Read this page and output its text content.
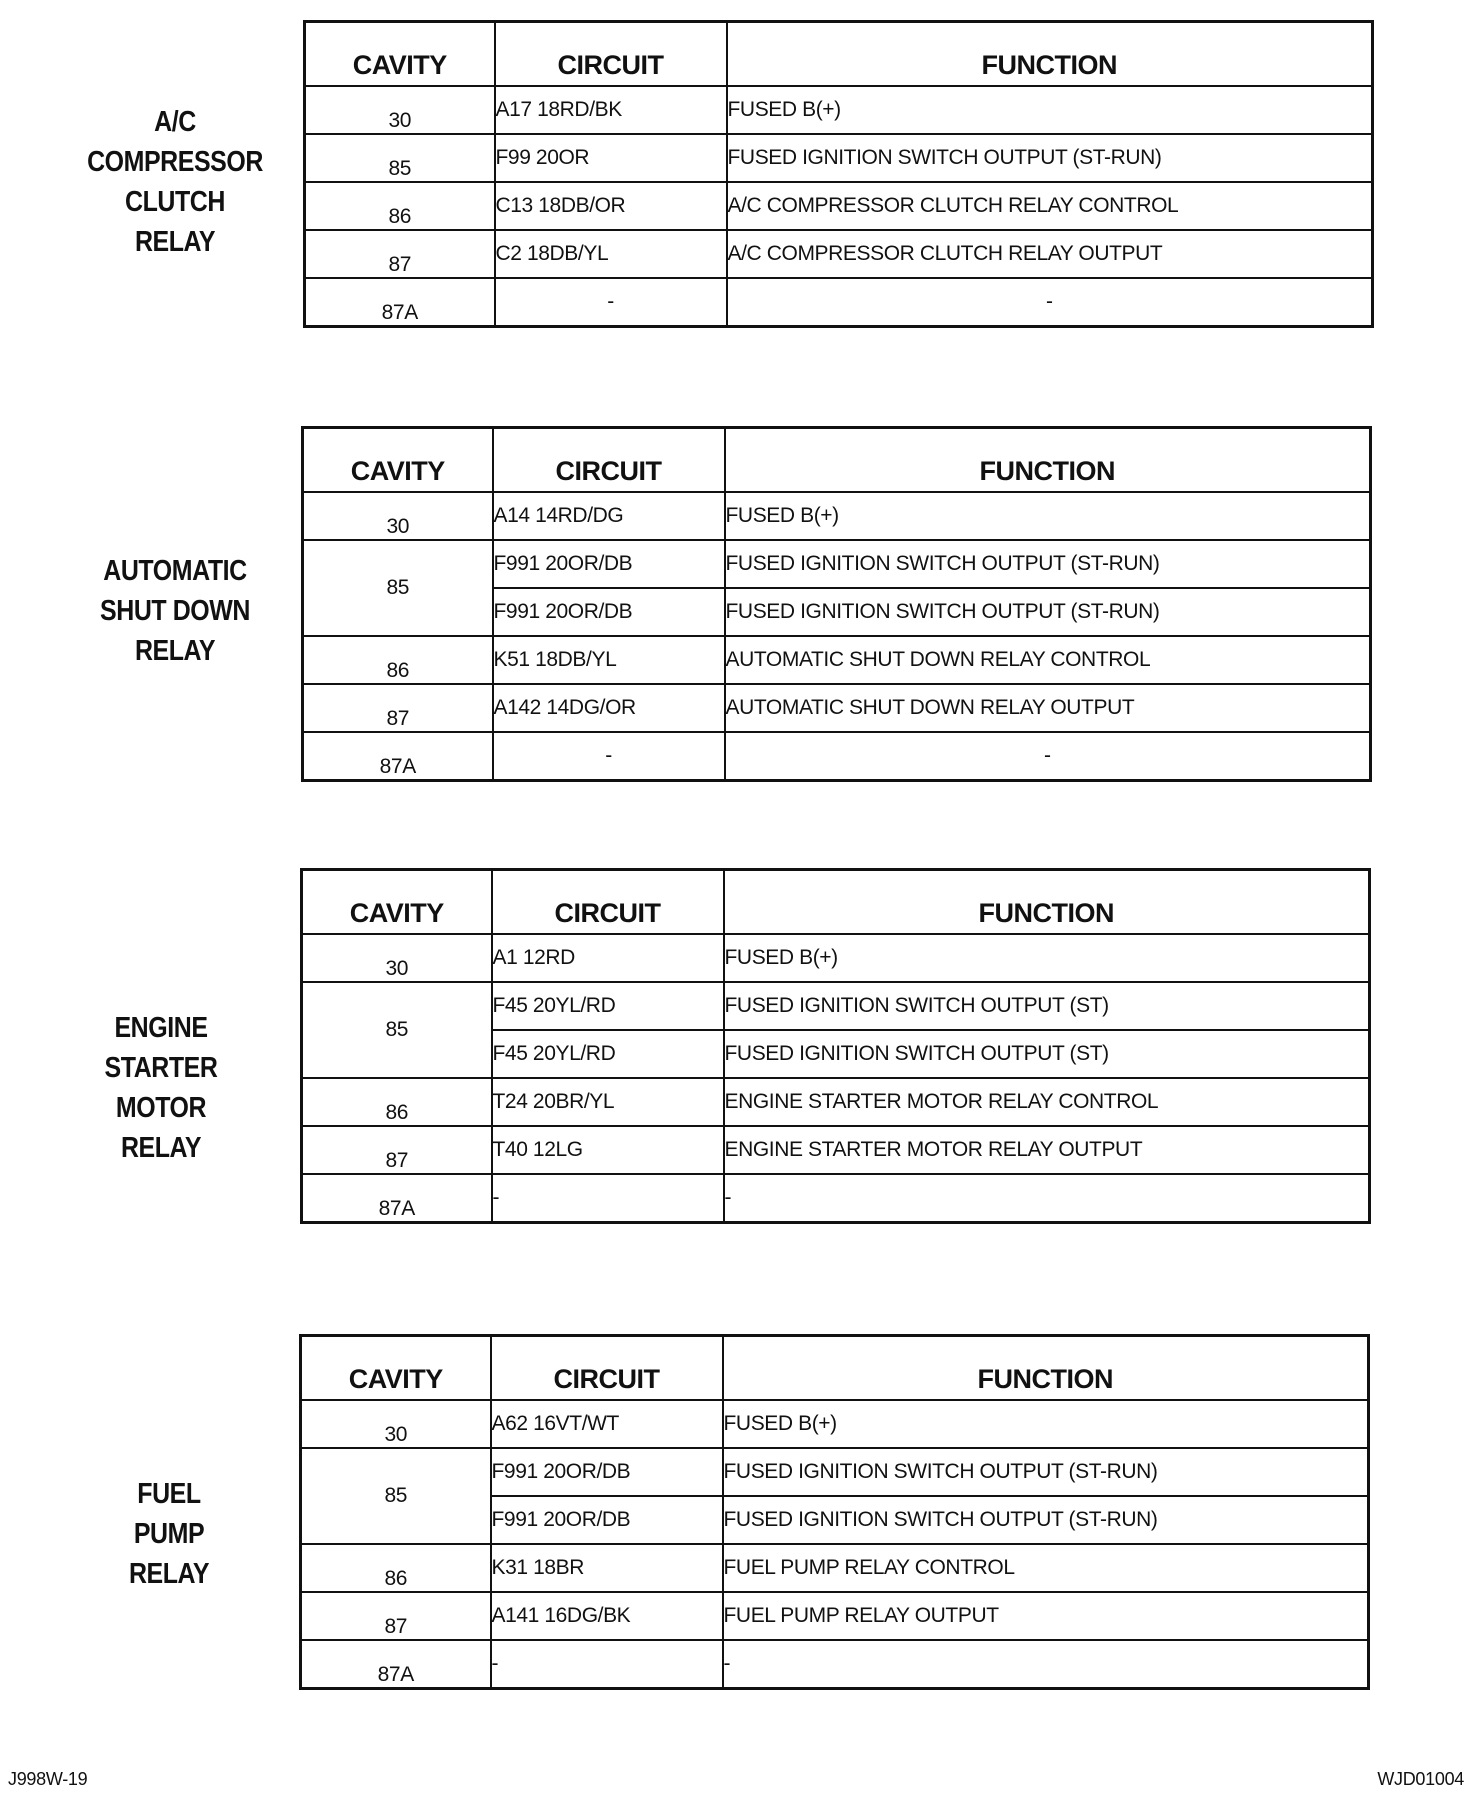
A/C
COMPRESSOR
CLUTCH
RELAY
CAVITY	CIRCUIT	FUNCTION
30	A17 18RD/BK	FUSED B(+)
85	F99 20OR	FUSED IGNITION SWITCH OUTPUT (ST-RUN)
86	C13 18DB/OR	A/C COMPRESSOR CLUTCH RELAY CONTROL
87	C2 18DB/YL	A/C COMPRESSOR CLUTCH RELAY OUTPUT
87A	-	-
AUTOMATIC
SHUT DOWN
RELAY
CAVITY	CIRCUIT	FUNCTION
30	A14 14RD/DG	FUSED B(+)
85	F991 20OR/DB	FUSED IGNITION SWITCH OUTPUT (ST-RUN)
	F991 20OR/DB	FUSED IGNITION SWITCH OUTPUT (ST-RUN)
86	K51 18DB/YL	AUTOMATIC SHUT DOWN RELAY CONTROL
87	A142 14DG/OR	AUTOMATIC SHUT DOWN RELAY OUTPUT
87A	-	-
ENGINE
STARTER
MOTOR
RELAY
CAVITY	CIRCUIT	FUNCTION
30	A1 12RD	FUSED B(+)
85	F45 20YL/RD	FUSED IGNITION SWITCH OUTPUT (ST)
	F45 20YL/RD	FUSED IGNITION SWITCH OUTPUT (ST)
86	T24 20BR/YL	ENGINE STARTER MOTOR RELAY CONTROL
87	T40 12LG	ENGINE STARTER MOTOR RELAY OUTPUT
87A	-	-
FUEL
PUMP
RELAY
CAVITY	CIRCUIT	FUNCTION
30	A62 16VT/WT	FUSED B(+)
85	F991 20OR/DB	FUSED IGNITION SWITCH OUTPUT (ST-RUN)
	F991 20OR/DB	FUSED IGNITION SWITCH OUTPUT (ST-RUN)
86	K31 18BR	FUEL PUMP RELAY CONTROL
87	A141 16DG/BK	FUEL PUMP RELAY OUTPUT
87A	-	-
J998W-19	WJD01004
